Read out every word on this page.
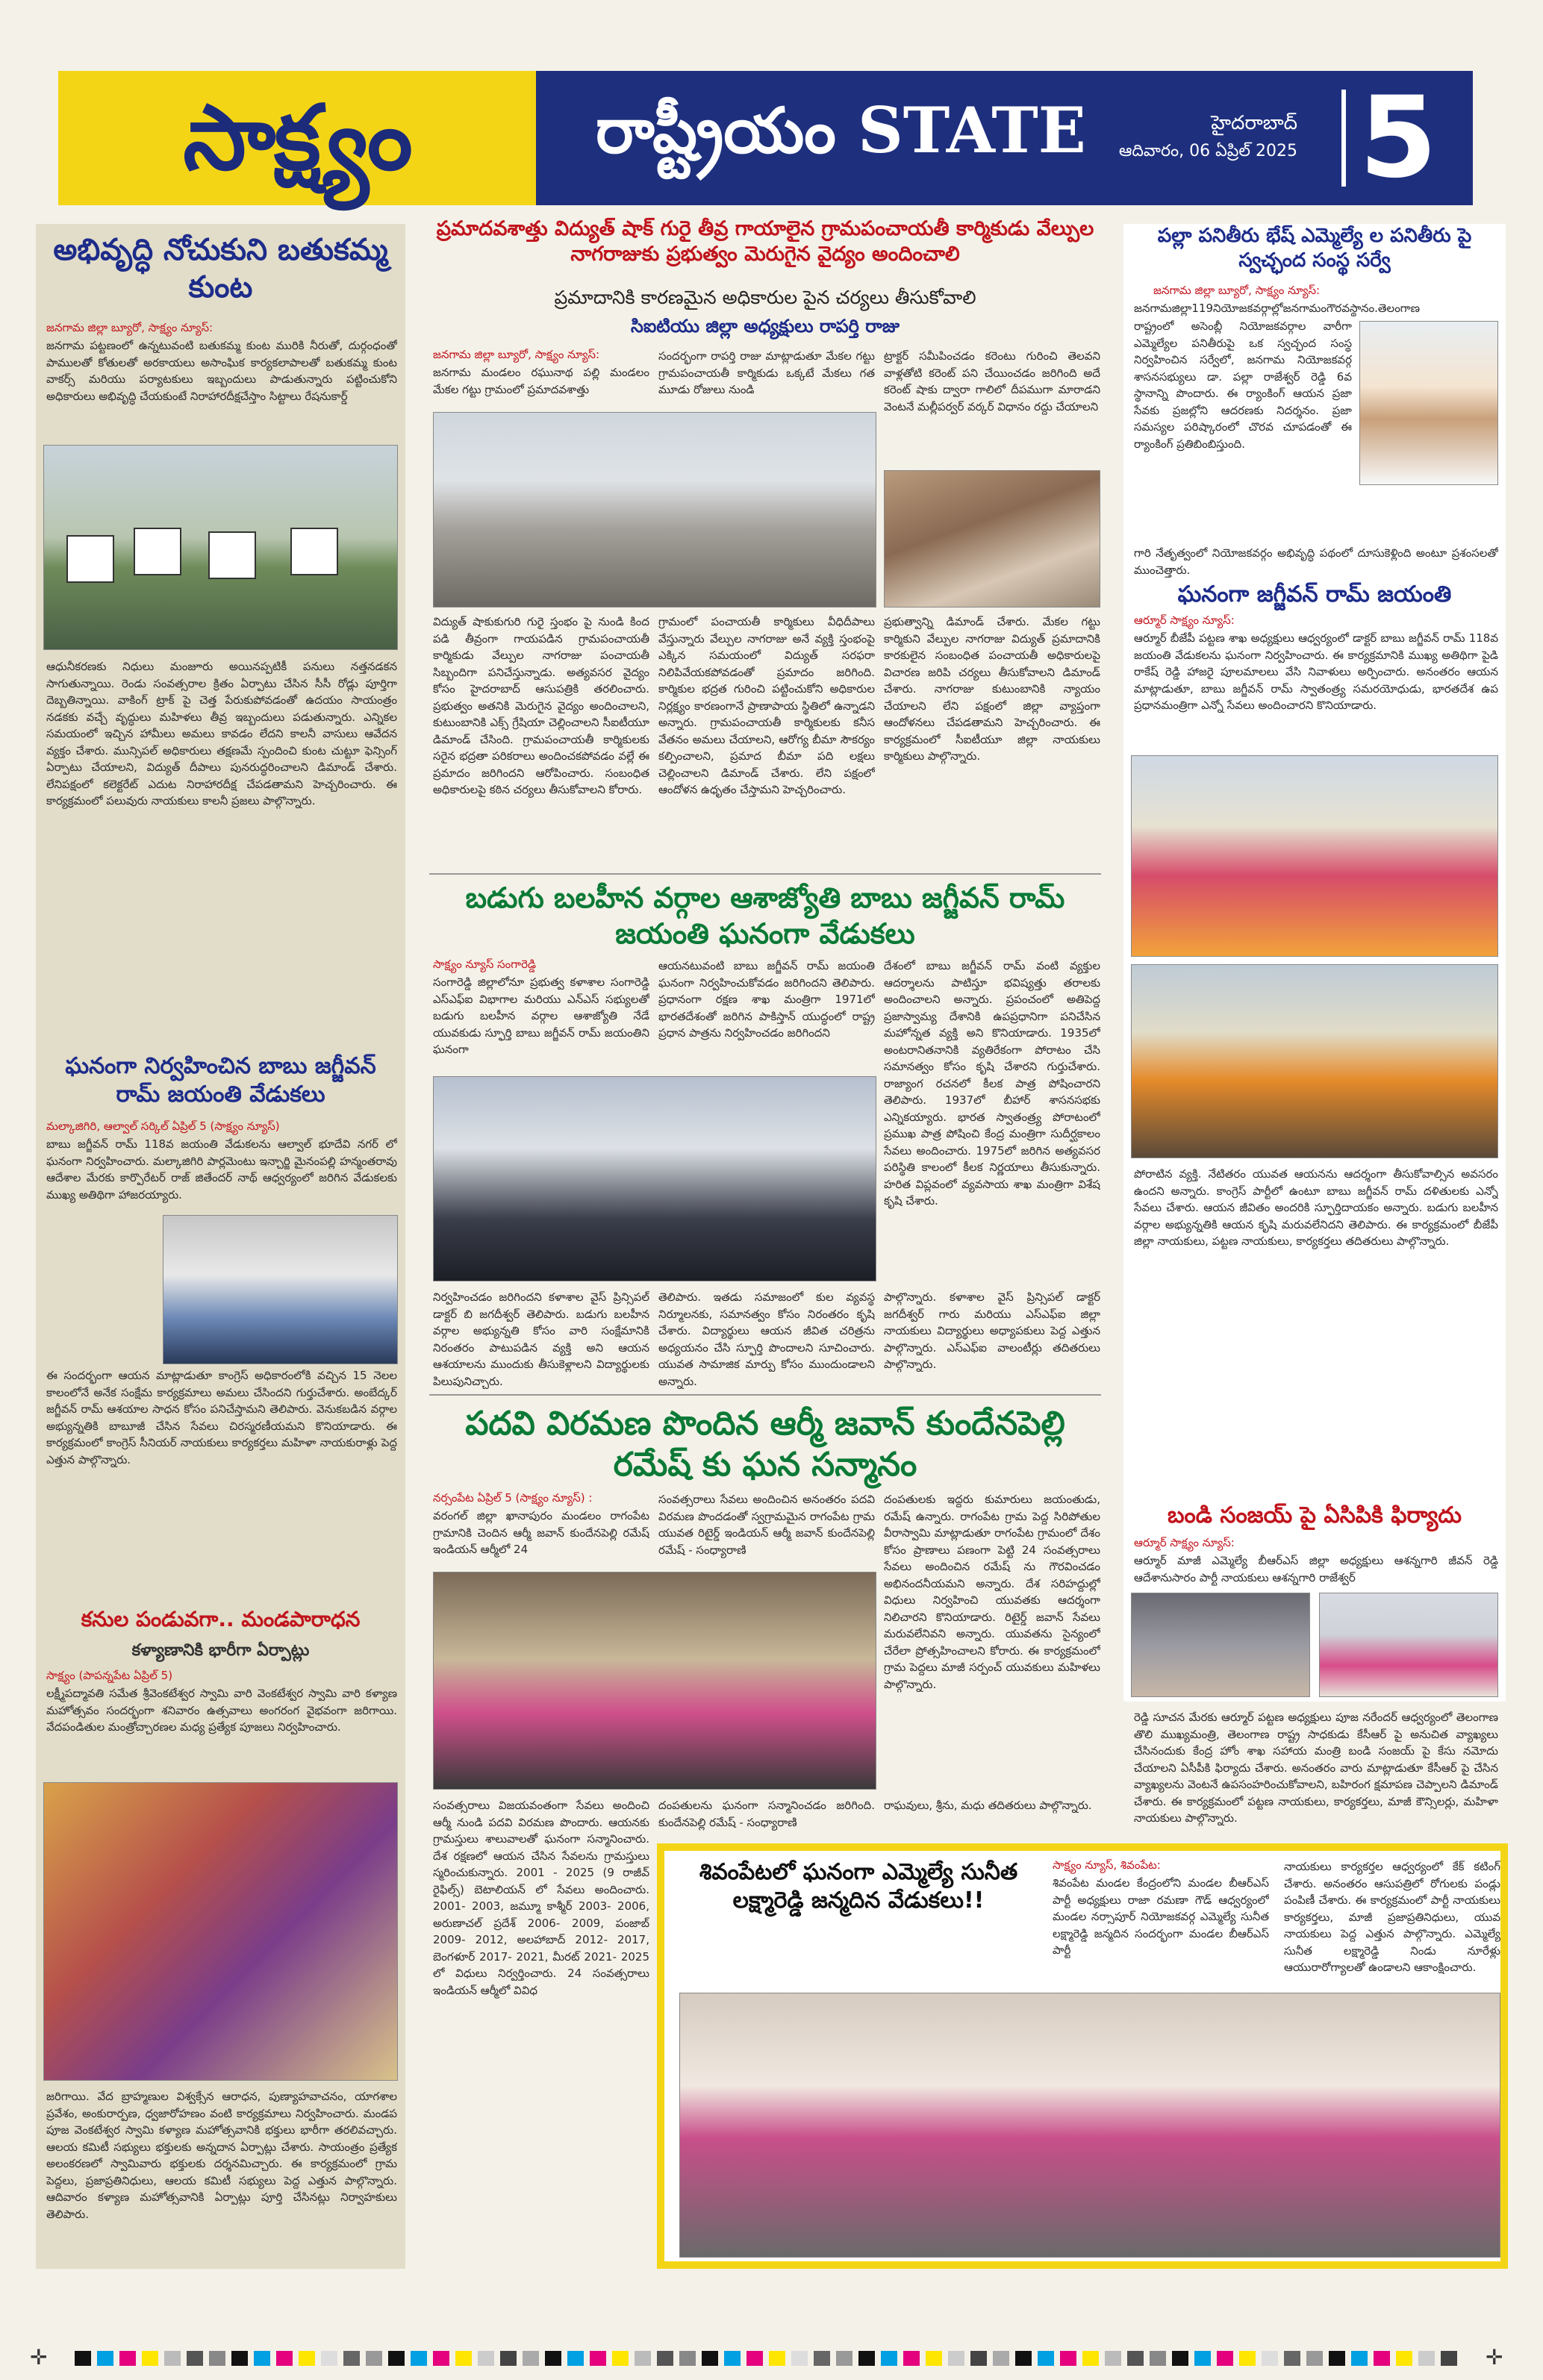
సాక్ష్యం	రాష్ట్రీయం STATE	హైదరాబాద్
ఆదివారం, 06 ఏప్రిల్ 2025 5
అభివృద్ధి నోచుకుని బతుకమ్మ కుంట
జనగామ జిల్లా బ్యూరో, సాక్ష్యం న్యూస్:
జనగామ పట్టణంలో ఉన్నటువంటి బతుకమ్మ కుంట మురికి నీరుతో, దుర్గంధంతో పాములతో కోతులతో అరకాయలు అసాంఘిక కార్యకలాపాలతో బతుకమ్మ కుంట వాకర్స్ మరియు పర్యాటకులు ఇబ్బందులు పాడుతున్నారు పట్టించుకోని అధికారులు అభివృద్ధి చేయకుంటే నిరాహారదీక్షచేస్తాం సిట్టాలు రేషనుకార్డ్
ఆధునీకరణకు నిధులు మంజూరు అయినప్పటికీ పనులు నత్తనడకన సాగుతున్నాయి. రెండు సంవత్సరాల క్రితం ఏర్పాటు చేసిన సీసీ రోడ్లు పూర్తిగా దెబ్బతిన్నాయి. వాకింగ్ ట్రాక్ పై చెత్త పేరుకుపోవడంతో ఉదయం సాయంత్రం నడకకు వచ్చే వృద్ధులు మహిళలు తీవ్ర ఇబ్బందులు పడుతున్నారు. ఎన్నికల సమయంలో ఇచ్చిన హామీలు అమలు కావడం లేదని కాలనీ వాసులు ఆవేదన వ్యక్తం చేశారు. మున్సిపల్ అధికారులు తక్షణమే స్పందించి కుంట చుట్టూ ఫెన్సింగ్ ఏర్పాటు చేయాలని, విద్యుత్ దీపాలు పునరుద్ధరించాలని డిమాండ్ చేశారు. లేనిపక్షంలో కలెక్టరేట్ ఎదుట నిరాహారదీక్ష చేపడతామని హెచ్చరించారు. ఈ కార్యక్రమంలో పలువురు నాయకులు కాలనీ ప్రజలు పాల్గొన్నారు.
ఘనంగా నిర్వహించిన బాబు జగ్జీవన్ రామ్ జయంతి వేడుకలు
మల్కాజిగిరి, ఆల్వాల్ సర్కిల్ ఏప్రిల్ 5 (సాక్ష్యం న్యూస్)
బాబు జగ్జీవన్ రామ్ 118వ జయంతి వేడుకలను ఆల్వాల్ భూదేవి నగర్ లో ఘనంగా నిర్వహించారు. మల్కాజిగిరి పార్లమెంటు ఇన్చార్జి మైనంపల్లి హన్మంతరావు ఆదేశాల మేరకు కార్పొరేటర్ రాజ్ జితేందర్ నాథ్ ఆధ్వర్యంలో జరిగిన వేడుకలకు ముఖ్య అతిథిగా హాజరయ్యారు.
ఈ సందర్భంగా ఆయన మాట్లాడుతూ కాంగ్రెస్ అధికారంలోకి వచ్చిన 15 నెలల కాలంలోనే అనేక సంక్షేమ కార్యక్రమాలు అమలు చేసిందని గుర్తుచేశారు. అంబేద్కర్ జగ్జీవన్ రామ్ ఆశయాల సాధన కోసం పనిచేస్తామని తెలిపారు. వెనుకబడిన వర్గాల అభ్యున్నతికి బాబూజీ చేసిన సేవలు చిరస్మరణీయమని కొనియాడారు. ఈ కార్యక్రమంలో కాంగ్రెస్ సీనియర్ నాయకులు కార్యకర్తలు మహిళా నాయకురాళ్లు పెద్ద ఎత్తున పాల్గొన్నారు.
కనుల పండువగా.. మండపారాధన
కళ్యాణానికి భారీగా ఏర్పాట్లు
సాక్ష్యం (పాపన్నపేట ఏప్రిల్ 5)
లక్ష్మీపద్మావతి సమేత శ్రీవెంకటేశ్వర స్వామి వారి వెంకటేశ్వర స్వామి వారి కళ్యాణ మహోత్సవం సందర్భంగా శనివారం ఉత్సవాలు అంగరంగ వైభవంగా జరిగాయి. వేదపండితుల మంత్రోచ్చారణల మధ్య ప్రత్యేక పూజలు నిర్వహించారు.
జరిగాయి. వేద బ్రాహ్మణుల విశ్వక్సేన ఆరాధన, పుణ్యాహవాచనం, యాగశాల ప్రవేశం, అంకురార్పణ, ధ్వజారోహణం వంటి కార్యక్రమాలు నిర్వహించారు. మండప పూజ వెంకటేశ్వర స్వామి కళ్యాణ మహోత్సవానికి భక్తులు భారీగా తరలివచ్చారు. ఆలయ కమిటీ సభ్యులు భక్తులకు అన్నదాన ఏర్పాట్లు చేశారు. సాయంత్రం ప్రత్యేక అలంకరణలో స్వామివారు భక్తులకు దర్శనమిచ్చారు. ఈ కార్యక్రమంలో గ్రామ పెద్దలు, ప్రజాప్రతినిధులు, ఆలయ కమిటీ సభ్యులు పెద్ద ఎత్తున పాల్గొన్నారు. ఆదివారం కళ్యాణ మహోత్సవానికి ఏర్పాట్లు పూర్తి చేసినట్లు నిర్వాహకులు తెలిపారు.
ప్రమాదవశాత్తు విద్యుత్ షాక్ గురై తీవ్ర గాయాలైన గ్రామపంచాయతీ కార్మికుడు వేల్పుల నాగరాజుకు ప్రభుత్వం మెరుగైన వైద్యం అందించాలి
ప్రమాదానికి కారణమైన అధికారుల పైన చర్యలు తీసుకోవాలి
సిఐటియు జిల్లా అధ్యక్షులు రాపర్తి రాజు
జనగామ జిల్లా బ్యూరో, సాక్ష్యం న్యూస్:
జనగామ మండలం రఘునాథ పల్లి మండలం మేకల గట్టు గ్రామంలో ప్రమాదవశాత్తు
సందర్భంగా రాపర్తి రాజు మాట్లాడుతూ మేకల గట్టు గ్రామపంచాయతీ కార్మికుడు ఒక్కటే మేకలు గత మూడు రోజులు నుండి
ట్రాక్టర్ సమీపించడం కరెంటు గురించి తెలవని వాళ్లతోటి కరెంట్ పని చేయించడం జరిగింది అదే కరెంట్ షాకు ద్వారా గాలిలో దీపముగా మారాడని వెంటనే మల్లీపర్వర్ వర్కర్ విధానం రద్దు చేయాలని
విద్యుత్ షాకుకుగురి గురై స్తంభం పై నుండి కింద పడి తీవ్రంగా గాయపడిన గ్రామపంచాయతీ కార్మికుడు వేల్పుల నాగరాజు పంచాయతీ సిబ్బందిగా పనిచేస్తున్నాడు. అత్యవసర వైద్యం కోసం హైదరాబాద్ ఆసుపత్రికి తరలించారు. ప్రభుత్వం అతనికి మెరుగైన వైద్యం అందించాలని, కుటుంబానికి ఎక్స్ గ్రేషియా చెల్లించాలని సీఐటీయూ డిమాండ్ చేసింది. గ్రామపంచాయతీ కార్మికులకు సరైన భద్రతా పరికరాలు అందించకపోవడం వల్లే ఈ ప్రమాదం జరిగిందని ఆరోపించారు. సంబంధిత అధికారులపై కఠిన చర్యలు తీసుకోవాలని కోరారు.
గ్రామంలో పంచాయతీ కార్మికులు వీధిదీపాలు వేస్తున్నారు వేల్పుల నాగరాజు అనే వ్యక్తి స్తంభంపై ఎక్కిన సమయంలో విద్యుత్ సరఫరా నిలిపివేయకపోవడంతో ప్రమాదం జరిగింది. కార్మికుల భద్రత గురించి పట్టించుకోని అధికారుల నిర్లక్ష్యం కారణంగానే ప్రాణాపాయ స్థితిలో ఉన్నాడని అన్నారు. గ్రామపంచాయతీ కార్మికులకు కనీస వేతనం అమలు చేయాలని, ఆరోగ్య బీమా సౌకర్యం కల్పించాలని, ప్రమాద బీమా పది లక్షలు చెల్లించాలని డిమాండ్ చేశారు. లేని పక్షంలో ఆందోళన ఉధృతం చేస్తామని హెచ్చరించారు.
ప్రభుత్వాన్ని డిమాండ్ చేశారు. మేకల గట్టు కార్మికుని వేల్పుల నాగరాజు విద్యుత్ ప్రమాదానికి కారకులైన సంబంధిత పంచాయతీ అధికారులపై విచారణ జరిపి చర్యలు తీసుకోవాలని డిమాండ్ చేశారు. నాగరాజు కుటుంబానికి న్యాయం చేయాలని లేని పక్షంలో జిల్లా వ్యాప్తంగా ఆందోళనలు చేపడతామని హెచ్చరించారు. ఈ కార్యక్రమంలో సీఐటీయూ జిల్లా నాయకులు కార్మికులు పాల్గొన్నారు.
బడుగు బలహీన వర్గాల ఆశాజ్యోతి బాబు జగ్జీవన్ రామ్ జయంతి ఘనంగా వేడుకలు
సాక్ష్యం న్యూస్ సంగారెడ్డి
సంగారెడ్డి జిల్లాలోనూ ప్రభుత్వ కళాశాల సంగారెడ్డి ఎస్ఎఫ్ఐ విభాగాల మరియు ఎన్ఎస్ సభ్యులతో బడుగు బలహీన వర్గాల ఆశాజ్యోతి నేడే యువకుడు స్ఫూర్తి బాబు జగ్జీవన్ రామ్ జయంతిని ఘనంగా
ఆయనటువంటి బాబు జగ్జీవన్ రామ్ జయంతి ఘనంగా నిర్వహించుకోవడం జరిగిందని తెలిపారు. ప్రధానంగా రక్షణ శాఖ మంత్రిగా 1971లో భారతదేశంతో జరిగిన పాకిస్తాన్ యుద్ధంలో రాష్ట్ర ప్రధాన పాత్రను నిర్వహించడం జరిగిందని
దేశంలో బాబు జగ్జీవన్ రామ్ వంటి వ్యక్తుల ఆదర్శాలను పాటిస్తూ భవిష్యత్తు తరాలకు అందించాలని అన్నారు. ప్రపంచంలో అతిపెద్ద ప్రజాస్వామ్య దేశానికి ఉపప్రధానిగా పనిచేసిన మహోన్నత వ్యక్తి అని కొనియాడారు. 1935లో అంటరానితనానికి వ్యతిరేకంగా పోరాటం చేసి సమానత్వం కోసం కృషి చేశారని గుర్తుచేశారు. రాజ్యాంగ రచనలో కీలక పాత్ర పోషించారని తెలిపారు. 1937లో బీహార్ శాసనసభకు ఎన్నికయ్యారు. భారత స్వాతంత్ర్య పోరాటంలో ప్రముఖ పాత్ర పోషించి కేంద్ర మంత్రిగా సుదీర్ఘకాలం సేవలు అందించారు. 1975లో జరిగిన అత్యవసర పరిస్థితి కాలంలో కీలక నిర్ణయాలు తీసుకున్నారు. హరిత విప్లవంలో వ్యవసాయ శాఖ మంత్రిగా విశేష కృషి చేశారు.
నిర్వహించడం జరిగిందని కళాశాల వైస్ ప్రిన్సిపల్ డాక్టర్ బి జగదీశ్వర్ తెలిపారు. బడుగు బలహీన వర్గాల అభ్యున్నతి కోసం వారి సంక్షేమానికి నిరంతరం పాటుపడిన వ్యక్తి అని ఆయన ఆశయాలను ముందుకు తీసుకెళ్లాలని విద్యార్థులకు పిలుపునిచ్చారు.
తెలిపారు. ఇతడు సమాజంలో కుల వ్యవస్థ నిర్మూలనకు, సమానత్వం కోసం నిరంతరం కృషి చేశారు. విద్యార్థులు ఆయన జీవిత చరిత్రను అధ్యయనం చేసి స్ఫూర్తి పొందాలని సూచించారు. యువత సామాజిక మార్పు కోసం ముందుండాలని అన్నారు.
పాల్గొన్నారు. కళాశాల వైస్ ప్రిన్సిపల్ డాక్టర్ జగదీశ్వర్ గారు మరియు ఎస్ఎఫ్ఐ జిల్లా నాయకులు విద్యార్థులు అధ్యాపకులు పెద్ద ఎత్తున పాల్గొన్నారు. ఎస్ఎఫ్ఐ వాలంటీర్లు తదితరులు పాల్గొన్నారు.
పదవి విరమణ పొందిన ఆర్మీ జవాన్ కుందేనపెల్లి రమేష్ కు ఘన సన్మానం
నర్సంపేట ఏప్రిల్ 5 (సాక్ష్యం న్యూస్) :
వరంగల్ జిల్లా ఖానాపురం మండలం రాగంపేట గ్రామానికి చెందిన ఆర్మీ జవాన్ కుందేనపెల్లి రమేష్ ఇండియన్ ఆర్మీలో 24
సంవత్సరాలు సేవలు అందించిన అనంతరం పదవి విరమణ పొందడంతో స్వగ్రామమైన రాగంపేట గ్రామ యువత రిటైర్డ్ ఇండియన్ ఆర్మీ జవాన్ కుందేనపెల్లి రమేష్ - సంధ్యారాణి
దంపతులకు ఇద్దరు కుమారులు జయంతుడు, రమేష్ ఉన్నారు. రాగంపేట గ్రామ పెద్ద సిరిపోతుల వీరాస్వామి మాట్లాడుతూ రాగంపేట గ్రామంలో దేశం కోసం ప్రాణాలు పణంగా పెట్టి 24 సంవత్సరాలు సేవలు అందించిన రమేష్ ను గౌరవించడం అభినందనీయమని అన్నారు. దేశ సరిహద్దుల్లో విధులు నిర్వహించి యువతకు ఆదర్శంగా నిలిచారని కొనియాడారు. రిటైర్డ్ జవాన్ సేవలు మరువలేనివని అన్నారు. యువతను సైన్యంలో చేరేలా ప్రోత్సహించాలని కోరారు. ఈ కార్యక్రమంలో గ్రామ పెద్దలు మాజీ సర్పంచ్ యువకులు మహిళలు పాల్గొన్నారు.
సంవత్సరాలు విజయవంతంగా సేవలు అందించి ఆర్మీ నుండి పదవి విరమణ పొందారు. ఆయనకు గ్రామస్తులు శాలువాలతో ఘనంగా సన్మానించారు. దేశ రక్షణలో ఆయన చేసిన సేవలను గ్రామస్తులు స్మరించుకున్నారు. 2001 - 2025 (9 రాజీవ్ రైఫిల్స్) బెటాలియన్ లో సేవలు అందించారు. 2001- 2003, జమ్మూ కాశ్మీర్ 2003- 2006, అరుణాచల్ ప్రదేశ్ 2006- 2009, పంజాబ్ 2009- 2012, అలహాబాద్ 2012- 2017, బెంగళూర్ 2017- 2021, మీరట్ 2021- 2025 లో విధులు నిర్వర్తించారు. 24 సంవత్సరాలు ఇండియన్ ఆర్మీలో వివిధ
దంపతులను ఘనంగా సన్మానించడం జరిగింది. కుందేనపెల్లి రమేష్ - సంధ్యారాణి
రాఘవులు, శ్రీను, మధు తదితరులు పాల్గొన్నారు.
శివంపేటలో ఘనంగా ఎమ్మెల్యే సునీత లక్ష్మారెడ్డి జన్మదిన వేడుకలు!!
సాక్ష్యం న్యూస్, శివంపేట:
శివంపేట మండల కేంద్రంలోని మండల బీఆర్ఎస్ పార్టీ అధ్యక్షులు రాజా రమణా గౌడ్ ఆధ్వర్యంలో మండల నర్సాపూర్ నియోజకవర్గ ఎమ్మెల్యే సునీత లక్ష్మారెడ్డి జన్మదిన సందర్భంగా మండల బీఆర్ఎస్ పార్టీ
నాయకులు కార్యకర్తల ఆధ్వర్యంలో కేక్ కటింగ్ చేశారు. అనంతరం ఆసుపత్రిలో రోగులకు పండ్లు పంపిణీ చేశారు. ఈ కార్యక్రమంలో పార్టీ నాయకులు కార్యకర్తలు, మాజీ ప్రజాప్రతినిధులు, యువ నాయకులు పెద్ద ఎత్తున పాల్గొన్నారు. ఎమ్మెల్యే సునీత లక్ష్మారెడ్డి నిండు నూరేళ్లు ఆయురారోగ్యాలతో ఉండాలని ఆకాంక్షించారు.
పల్లా పనితీరు భేష్ ఎమ్మెల్యే ల పనితీరు పై స్వచ్ఛంద సంస్థ సర్వే
జనగామ జిల్లా బ్యూరో, సాక్ష్యం న్యూస్:
జనగామజిల్లా119నియోజకవర్గాల్లోజనగామంగౌరవస్థానం.తెలంగాణ
రాష్ట్రంలో అసెంబ్లీ నియోజకవర్గాల వారీగా ఎమ్మెల్యేల పనితీరుపై ఒక స్వచ్ఛంద సంస్థ నిర్వహించిన సర్వేలో, జనగామ నియోజకవర్గ శాసనసభ్యులు డా. పల్లా రాజేశ్వర్ రెడ్డి 6వ స్థానాన్ని పొందారు. ఈ ర్యాంకింగ్ ఆయన ప్రజా సేవకు ప్రజల్లోని ఆదరణకు నిదర్శనం. ప్రజా సమస్యల పరిష్కారంలో చొరవ చూపడంతో ఈ ర్యాంకింగ్ ప్రతిబింబిస్తుంది.
గారి నేతృత్వంలో నియోజకవర్గం అభివృద్ధి పథంలో దూసుకెళ్లింది అంటూ ప్రశంసలతో ముంచెత్తారు.
ఘనంగా జగ్జీవన్ రామ్ జయంతి
ఆర్మూర్ సాక్ష్యం న్యూస్:
ఆర్మూర్ బీజేపీ పట్టణ శాఖ అధ్యక్షులు ఆధ్వర్యంలో డాక్టర్ బాబు జగ్జీవన్ రామ్ 118వ జయంతి వేడుకలను ఘనంగా నిర్వహించారు. ఈ కార్యక్రమానికి ముఖ్య అతిథిగా పైడి రాకేష్ రెడ్డి హాజరై పూలమాలలు వేసి నివాళులు అర్పించారు. అనంతరం ఆయన మాట్లాడుతూ, బాబు జగ్జీవన్ రామ్ స్వాతంత్ర్య సమరయోధుడు, భారతదేశ ఉప ప్రధానమంత్రిగా ఎన్నో సేవలు అందించారని కొనియాడారు.
పోరాటిన వ్యక్తి. నేటితరం యువత ఆయనను ఆదర్శంగా తీసుకోవాల్సిన అవసరం ఉందని అన్నారు. కాంగ్రెస్ పార్టీలో ఉంటూ బాబు జగ్జీవన్ రామ్ దళితులకు ఎన్నో సేవలు చేశారు. ఆయన జీవితం అందరికి స్ఫూర్తిదాయకం అన్నారు. బడుగు బలహీన వర్గాల అభ్యున్నతికి ఆయన కృషి మరువలేనిదని తెలిపారు. ఈ కార్యక్రమంలో బీజేపీ జిల్లా నాయకులు, పట్టణ నాయకులు, కార్యకర్తలు తదితరులు పాల్గొన్నారు.
బండి సంజయ్ పై ఏసిపికి ఫిర్యాదు
ఆర్మూర్ సాక్ష్యం న్యూస్:
ఆర్మూర్ మాజీ ఎమ్మెల్యే బీఆర్ఎస్ జిల్లా అధ్యక్షులు ఆశన్నగారి జీవన్ రెడ్డి ఆదేశానుసారం పార్టీ నాయకులు ఆశన్నగారి రాజేశ్వర్
రెడ్డి సూచన మేరకు ఆర్మూర్ పట్టణ అధ్యక్షులు పూజ నరేందర్ ఆధ్వర్యంలో తెలంగాణ తొలి ముఖ్యమంత్రి, తెలంగాణ రాష్ట్ర సాధకుడు కేసీఆర్ పై అనుచిత వ్యాఖ్యలు చేసినందుకు కేంద్ర హోం శాఖ సహాయ మంత్రి బండి సంజయ్ పై కేసు నమోదు చేయాలని ఏసీపీకి ఫిర్యాదు చేశారు. అనంతరం వారు మాట్లాడుతూ కేసీఆర్ పై చేసిన వ్యాఖ్యలను వెంటనే ఉపసంహరించుకోవాలని, బహిరంగ క్షమాపణ చెప్పాలని డిమాండ్ చేశారు. ఈ కార్యక్రమంలో పట్టణ నాయకులు, కార్యకర్తలు, మాజీ కౌన్సిలర్లు, మహిళా నాయకులు పాల్గొన్నారు.
✛	✛
